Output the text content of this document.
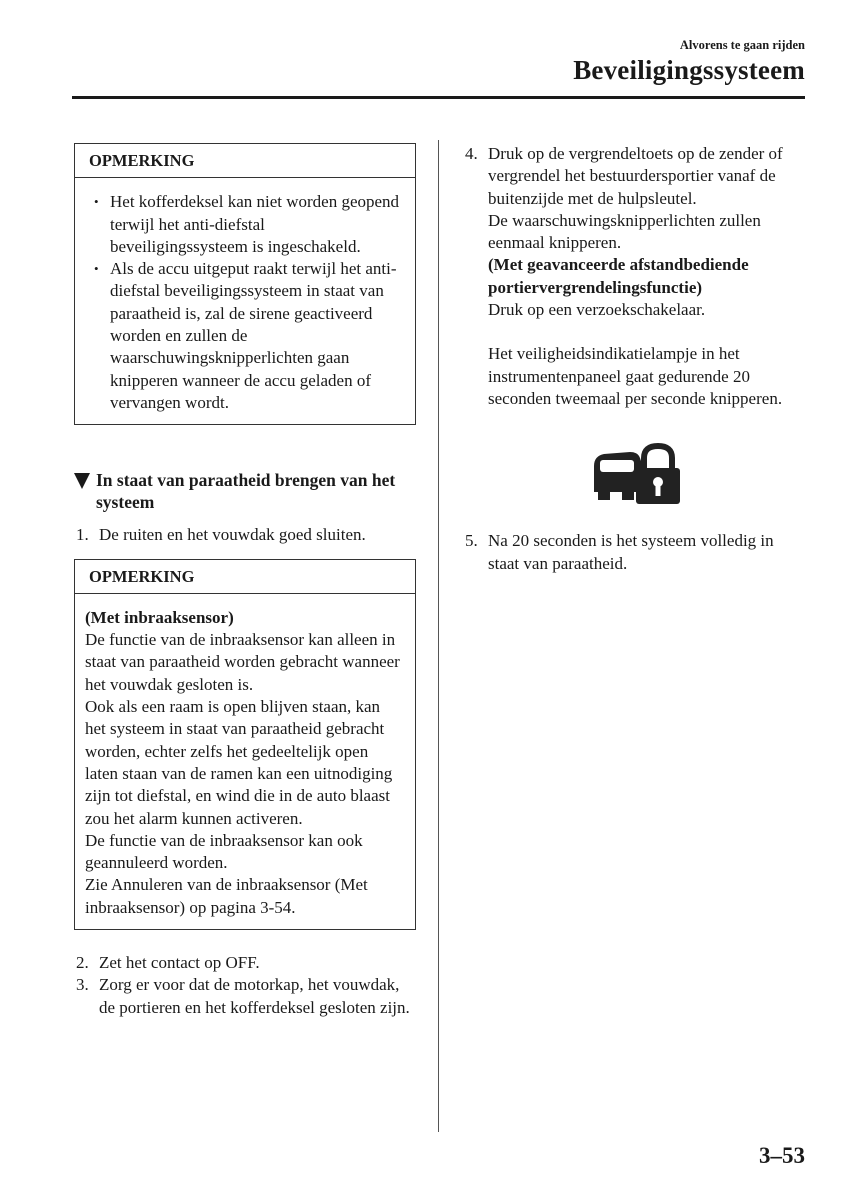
Alvorens te gaan rijden
Beveiligingssysteem
OPMERKING
• Het kofferdeksel kan niet worden geopend terwijl het anti-diefstal beveiligingssysteem is ingeschakeld.
• Als de accu uitgeput raakt terwijl het anti-diefstal beveiligingssysteem in staat van paraatheid is, zal de sirene geactiveerd worden en zullen de waarschuwingsknipperlichten gaan knipperen wanneer de accu geladen of vervangen wordt.
In staat van paraatheid brengen van het systeem
1. De ruiten en het vouwdak goed sluiten.

OPMERKING

(Met inbraaksensor)

De functie van de inbraaksensor kan alleen in staat van paraatheid worden gebracht wanneer het vouwdak gesloten is.

Ook als een raam is open blijven staan, kan het systeem in staat van paraatheid gebracht worden, echter zelfs het gedeeltelijk open laten staan van de ramen kan een uitnodiging zijn tot diefstal, en wind die in de auto blaast zou het alarm kunnen activeren.

De functie van de inbraaksensor kan ook geannuleerd worden.

Zie Annuleren van de inbraaksensor (Met inbraaksensor) op pagina 3-54.

2. Zet het contact op OFF.

3. Zorg er voor dat de motorkap, het vouwdak, de portieren en het kofferdeksel gesloten zijn.

4. Druk op de vergrendeltoets op de zender of vergrendel het bestuurdersportier vanaf de buitenzijde met de hulpsleutel.

De waarschuwingsknipperlichten zullen eenmaal knipperen.

(Met geavanceerde afstandbediende portiervergrendelingsfunctie)

Druk op een verzoekschakelaar.

Het veiligheidsindikatielampje in het instrumentenpaneel gaat gedurende 20 seconden tweemaal per seconde knipperen.

5. Na 20 seconden is het systeem volledig in staat van paraatheid.

3–53
